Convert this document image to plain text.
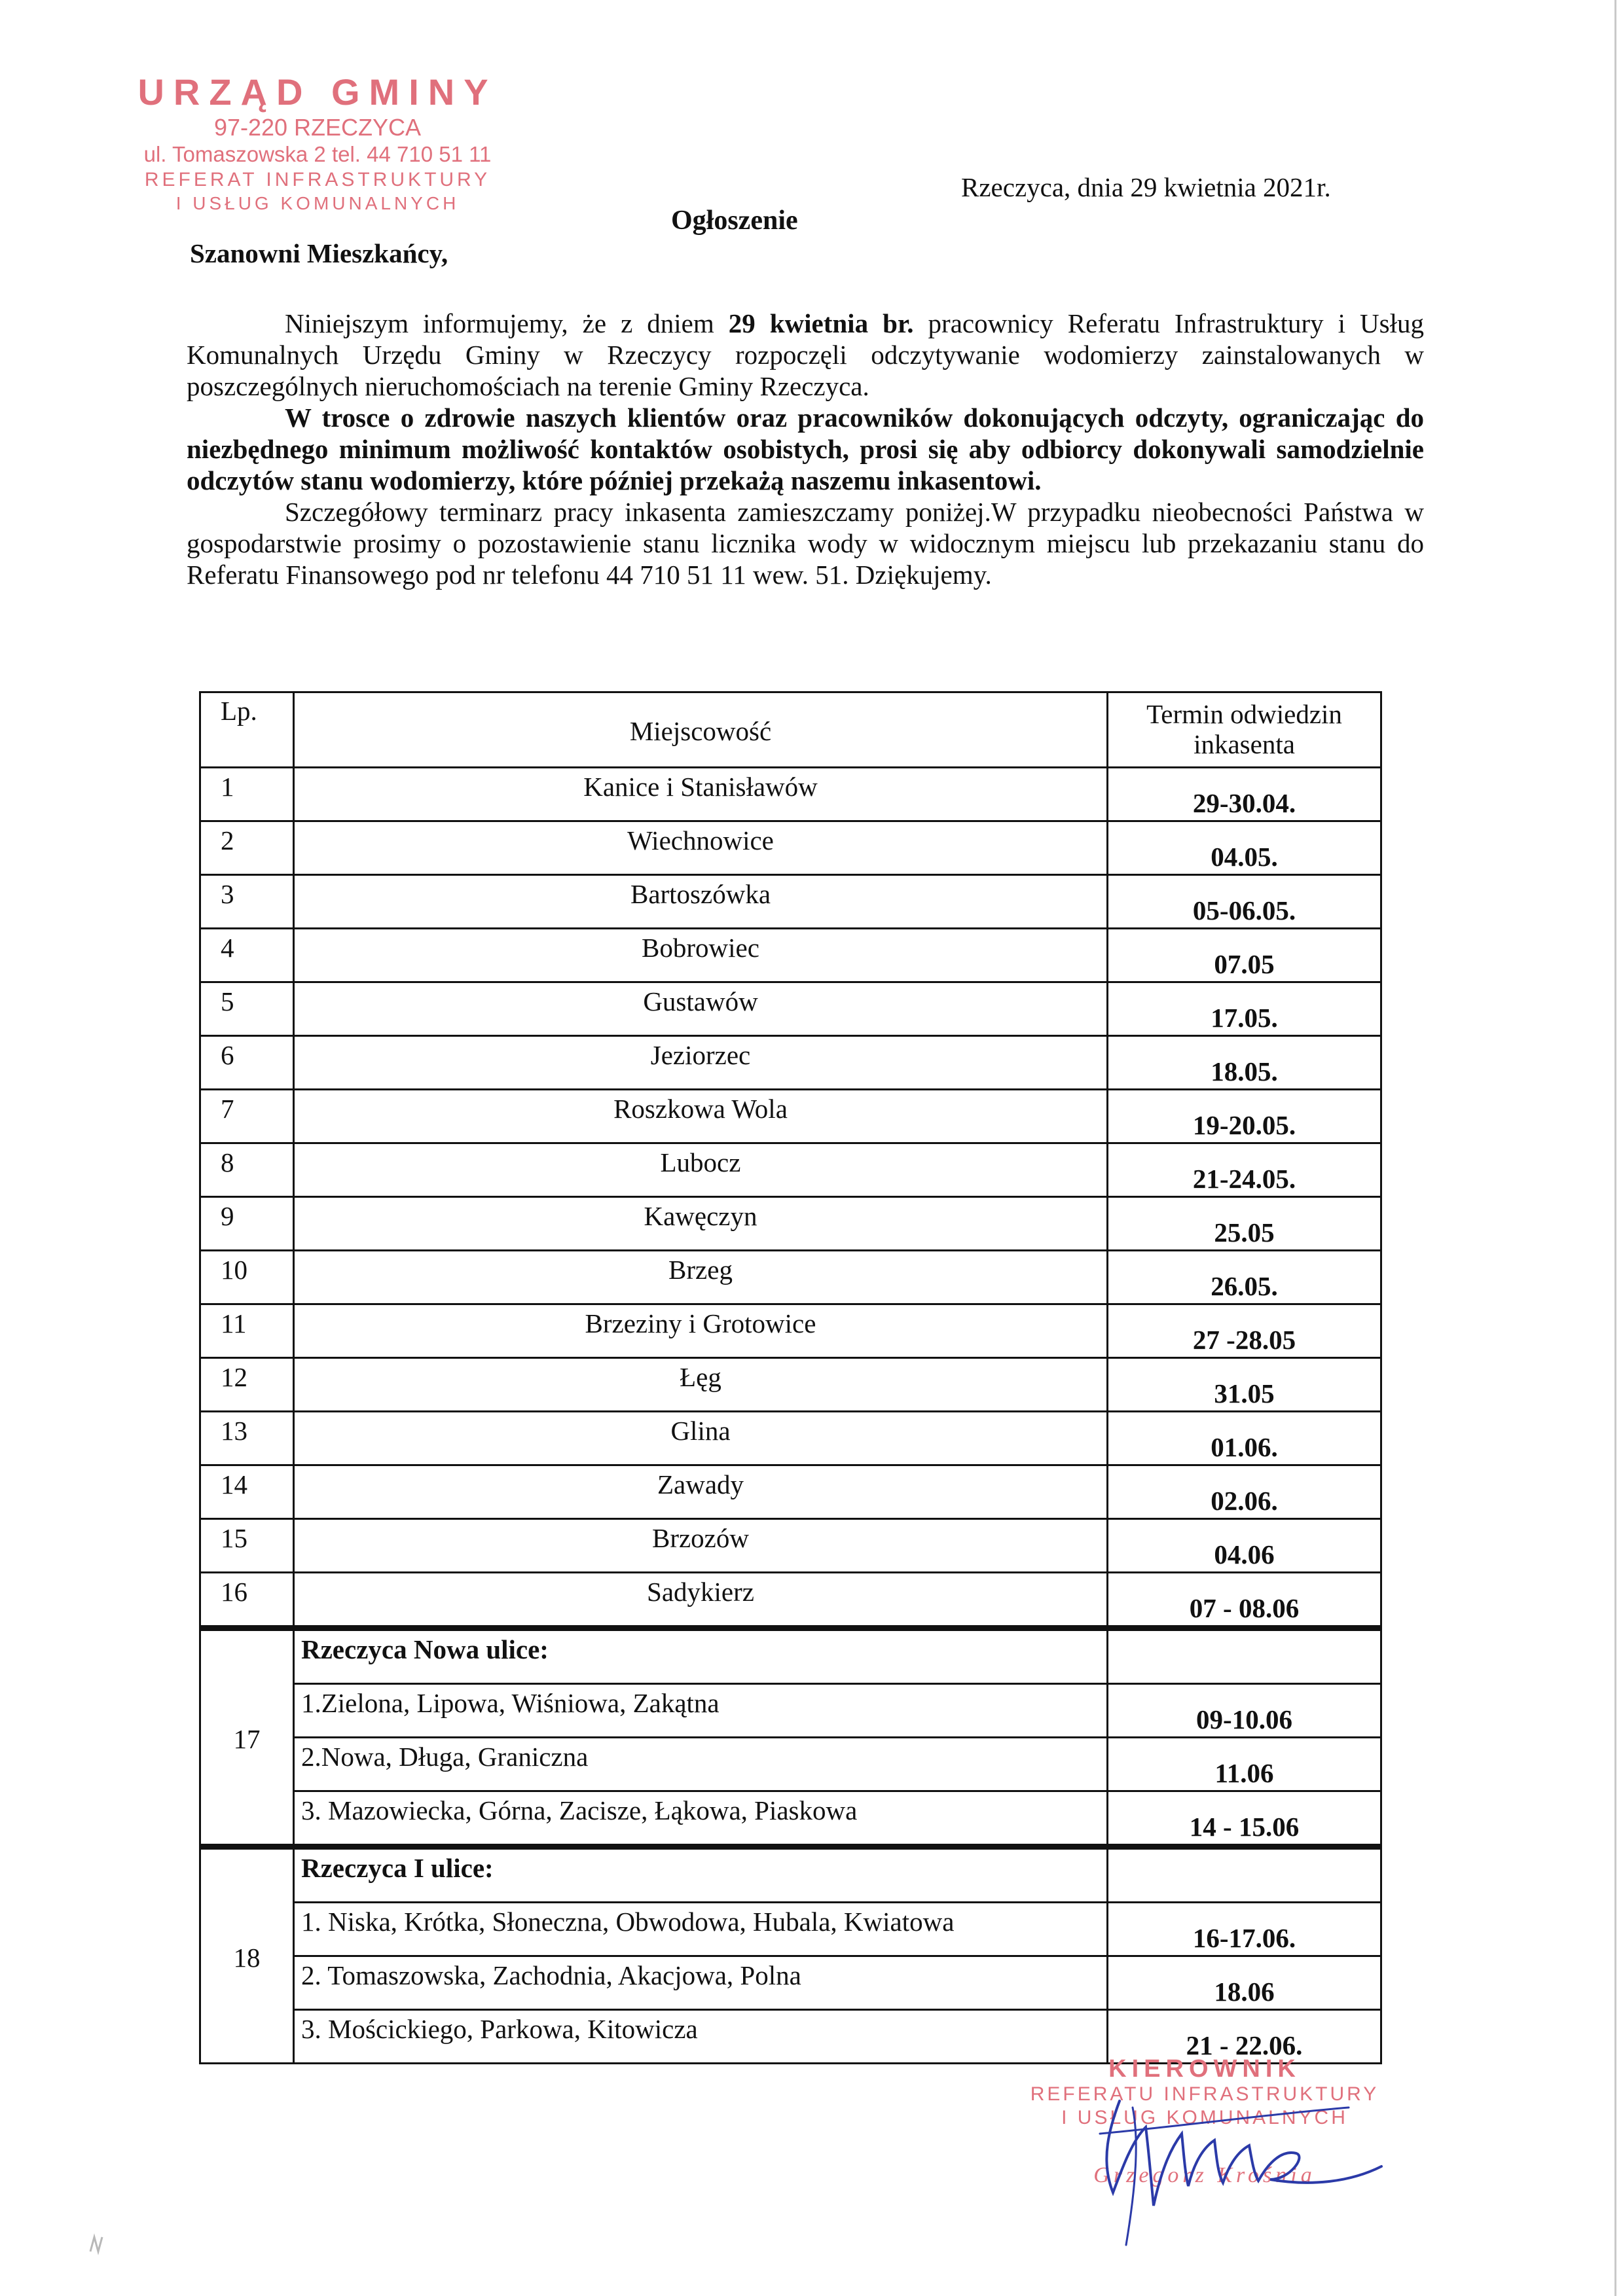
URZĄD GMINY
97-220 RZECZYCA
ul. Tomaszowska 2 tel. 44 710 51 11
REFERAT INFRASTRUKTURY
I USŁUG KOMUNALNYCH
Rzeczyca, dnia 29 kwietnia 2021r.
Ogłoszenie
Szanowni Mieszkańcy,

Niniejszym informujemy, że z dniem 29 kwietnia br. pracownicy Referatu Infrastruktury i Usług Komunalnych Urzędu Gminy w Rzeczycy rozpoczęli odczytywanie wodomierzy zainstalowanych w poszczególnych nieruchomościach na terenie Gminy Rzeczyca.

W trosce o zdrowie naszych klientów oraz pracowników dokonujących odczyty, ograniczając do niezbędnego minimum możliwość kontaktów osobistych, prosi się aby odbiorcy dokonywali samodzielnie odczytów stanu wodomierzy, które później przekażą naszemu inkasentowi.

Szczegółowy terminarz pracy inkasenta zamieszczamy poniżej.W przypadku nieobecności Państwa w gospodarstwie prosimy o pozostawienie stanu licznika wody w widocznym miejscu lub przekazaniu stanu do Referatu Finansowego pod nr telefonu 44 710 51 11 wew. 51. Dziękujemy.

Lp.	Miejscowość	Termin odwiedzin inkasenta
1	Kanice i Stanisławów	29-30.04.
2	Wiechnowice	04.05.
3	Bartoszówka	05-06.05.
4	Bobrowiec	07.05
5	Gustawów	17.05.
6	Jeziorzec	18.05.
7	Roszkowa Wola	19-20.05.
8	Lubocz	21-24.05.
9	Kawęczyn	25.05
10	Brzeg	26.05.
11	Brzeziny i Grotowice	27 -28.05
12	Łęg	31.05
13	Glina	01.06.
14	Zawady	02.06.
15	Brzozów	04.06
16	Sadykierz	07 - 08.06
17	Rzeczyca Nowa ulice:	
	1.Zielona, Lipowa, Wiśniowa, Zakątna	09-10.06
	2.Nowa, Długa, Graniczna	11.06
	3. Mazowiecka, Górna, Zacisze, Łąkowa, Piaskowa	14 - 15.06
18	Rzeczyca I ulice:	
	1. Niska, Krótka, Słoneczna, Obwodowa, Hubala, Kwiatowa	16-17.06.
	2. Tomaszowska, Zachodnia, Akacjowa, Polna	18.06
	3. Mościckiego, Parkowa, Kitowicza	21 - 22.06.
KIEROWNIK
REFERATU INFRASTRUKTURY
I USŁUG KOMUNALNYCH
Grzegorz Krośnia
